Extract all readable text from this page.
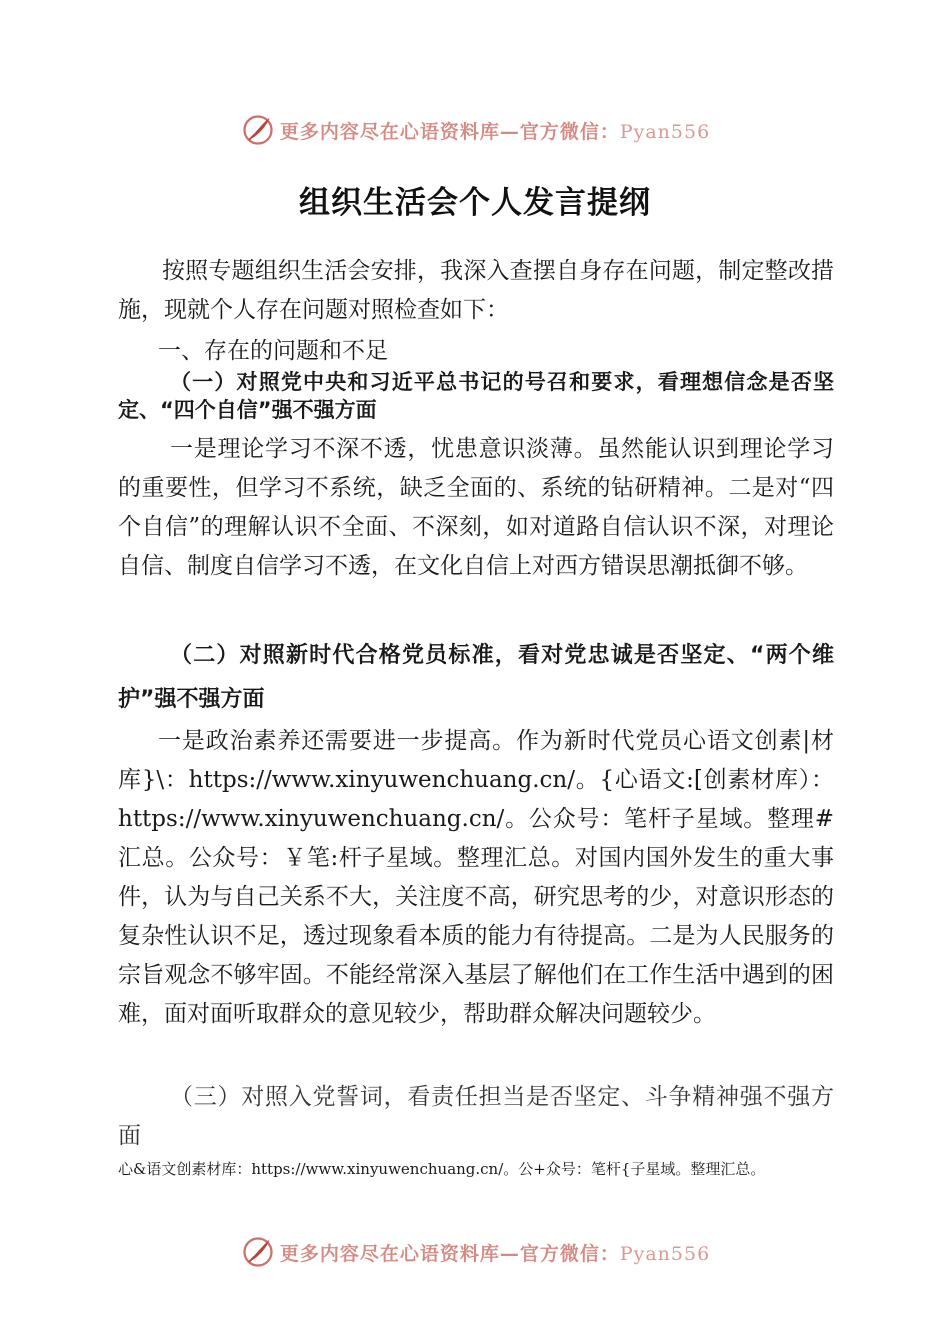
更多内容尽在心语资料库—官方微信：Pyan556
组织生活会个人发言提纲

按照专题组织生活会安排，我深入查摆自身存在问题，制定整改措施，现就个人存在问题对照检查如下：

一、存在的问题和不足

（一）对照党中央和习近平总书记的号召和要求，看理想信念是否坚定、“四个自信”强不强方面

一是理论学习不深不透，忧患意识淡薄。虽然能认识到理论学习的重要性，但学习不系统，缺乏全面的、系统的钻研精神。二是对“四个自信”的理解认识不全面、不深刻，如对道路自信认识不深，对理论自信、制度自信学习不透，在文化自信上对西方错误思潮抵御不够。

（二）对照新时代合格党员标准，看对党忠诚是否坚定、“两个维护”强不强方面

一是政治素养还需要进一步提高。作为新时代党员心语文创素|材库}\：https://www.xinyuwenchuang.cn/。{心语文:[创素材库）：https://www.xinyuwenchuang.cn/。公众号：笔杆子星域。整理#汇总。公众号：￥笔:杆子星域。整理汇总。对国内国外发生的重大事件，认为与自己关系不大，关注度不高，研究思考的少，对意识形态的复杂性认识不足，透过现象看本质的能力有待提高。二是为人民服务的宗旨观念不够牢固。不能经常深入基层了解他们在工作生活中遇到的困难，面对面听取群众的意见较少，帮助群众解决问题较少。

（三）对照入党誓词，看责任担当是否坚定、斗争精神强不强方面

心&语文创素材库：https://www.xinyuwenchuang.cn/。公+众号：笔杆{子星域。整理汇总。

更多内容尽在心语资料库—官方微信：Pyan556
